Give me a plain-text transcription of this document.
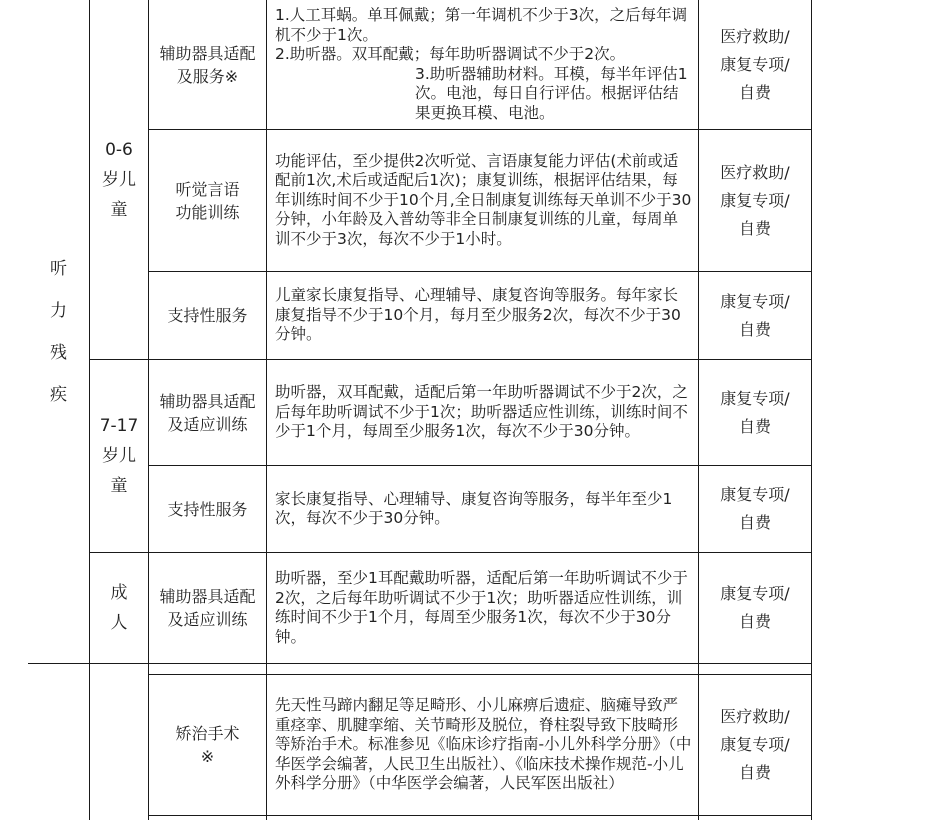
听力残疾
0-6岁儿童
7-17岁儿童
成人
辅助器具适配及服务※
听觉言语功能训练
支持性服务
辅助器具适配及适应训练
支持性服务
辅助器具适配及适应训练
矫治手术※
1.人工耳蜗。单耳佩戴；第一年调机不少于3次，之后每年调机不少于1次。
2.助听器。双耳配戴；每年助听器调试不少于2次。
3.助听器辅助材料。耳模，每半年评估1次。电池，每日自行评估。根据评估结果更换耳模、电池。
功能评估，至少提供2次听觉、言语康复能力评估(术前或适配前1次,术后或适配后1次)；康复训练，根据评估结果，每年训练时间不少于10个月,全日制康复训练每天单训不少于30分钟，小年龄及入普幼等非全日制康复训练的儿童，每周单训不少于3次，每次不少于1小时。
儿童家长康复指导、心理辅导、康复咨询等服务。每年家长康复指导不少于10个月，每月至少服务2次，每次不少于30分钟。
助听器，双耳配戴，适配后第一年助听器调试不少于2次，之后每年助听调试不少于1次；助听器适应性训练，训练时间不少于1个月，每周至少服务1次，每次不少于30分钟。
家长康复指导、心理辅导、康复咨询等服务，每半年至少1次，每次不少于30分钟。
助听器，至少1耳配戴助听器，适配后第一年助听调试不少于2次，之后每年助听调试不少于1次；助听器适应性训练，训练时间不少于1个月，每周至少服务1次，每次不少于30分钟。
先天性马蹄内翻足等足畸形、小儿麻痹后遗症、脑瘫导致严重痉挛、肌腱挛缩、关节畸形及脱位，脊柱裂导致下肢畸形等矫治手术。标准参见《临床诊疗指南-小儿外科学分册》（中华医学会编著，人民卫生出版社）、《临床技术操作规范-小儿外科学分册》（中华医学会编著，人民军医出版社）
医疗救助/康复专项/自费
医疗救助/康复专项/自费
康复专项/自费
康复专项/自费
康复专项/自费
康复专项/自费
医疗救助/康复专项/自费
